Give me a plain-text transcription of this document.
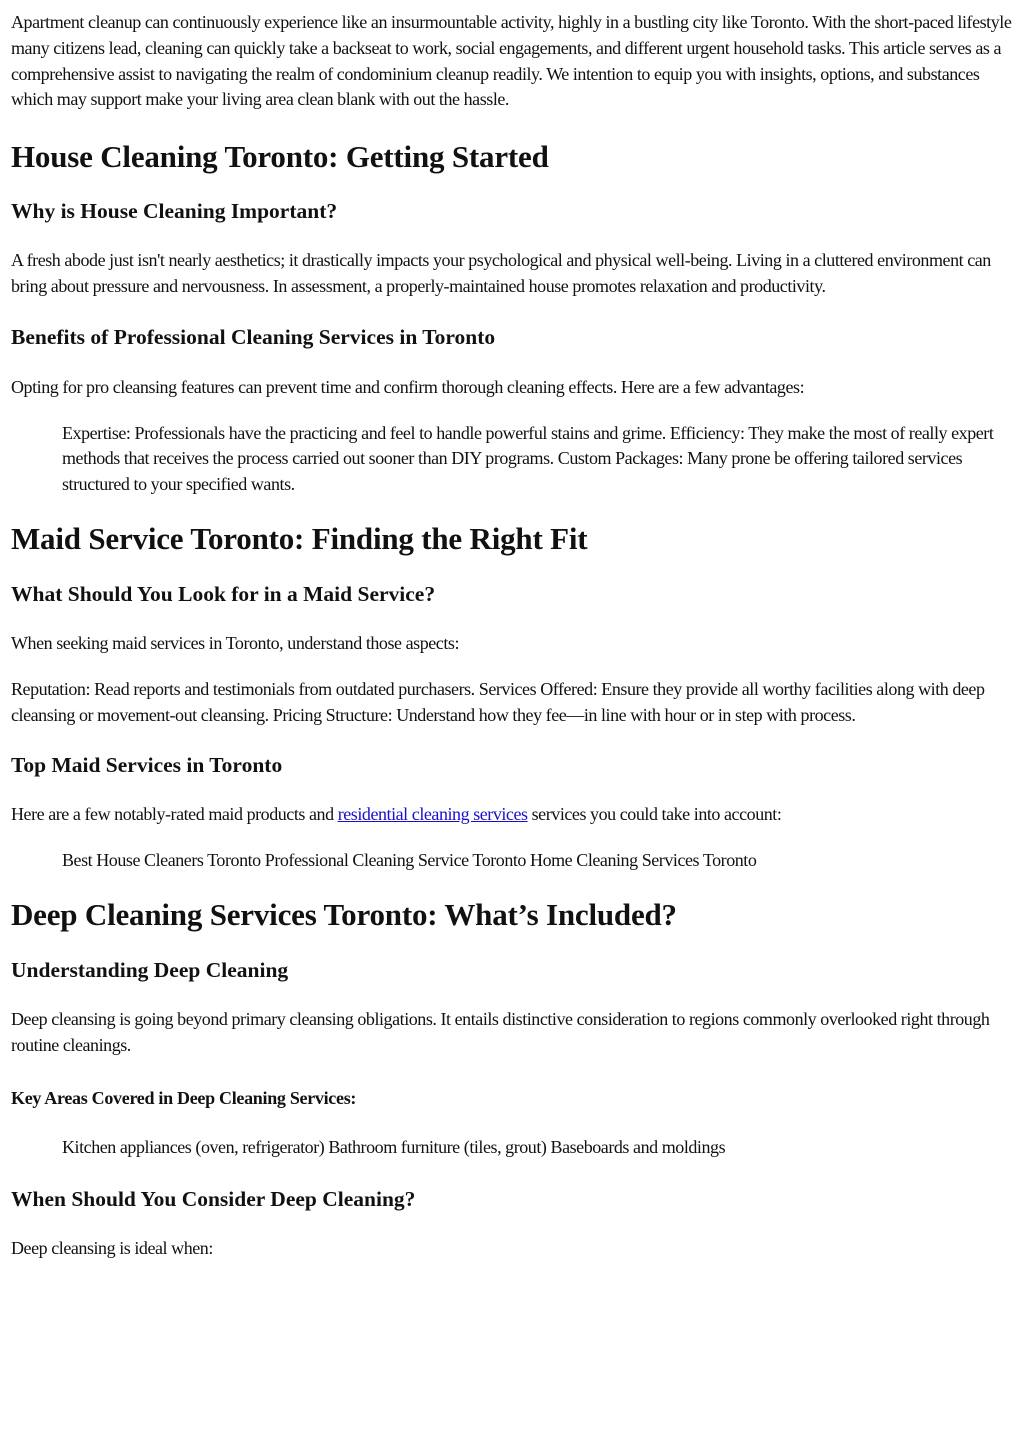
Apartment cleanup can continuously experience like an insurmountable activity, highly in a bustling city like Toronto. With the short-paced lifestyle many citizens lead, cleaning can quickly take a backseat to work, social engagements, and different urgent household tasks. This article serves as a comprehensive assist to navigating the realm of condominium cleanup readily. We intention to equip you with insights, options, and substances which may support make your living area clean blank with out the hassle.

House Cleaning Toronto: Getting Started
Why is House Cleaning Important?

A fresh abode just isn't nearly aesthetics; it drastically impacts your psychological and physical well-being. Living in a cluttered environment can bring about pressure and nervousness. In assessment, a properly-maintained house promotes relaxation and productivity.

Benefits of Professional Cleaning Services in Toronto

Opting for pro cleansing features can prevent time and confirm thorough cleaning effects. Here are a few advantages:

Expertise: Professionals have the practicing and feel to handle powerful stains and grime. Efficiency: They make the most of really expert methods that receives the process carried out sooner than DIY programs. Custom Packages: Many prone be offering tailored services structured to your specified wants.

Maid Service Toronto: Finding the Right Fit
What Should You Look for in a Maid Service?

When seeking maid services in Toronto, understand those aspects:

Reputation: Read reports and testimonials from outdated purchasers. Services Offered: Ensure they provide all worthy facilities along with deep cleansing or movement-out cleansing. Pricing Structure: Understand how they fee—in line with hour or in step with process.

Top Maid Services in Toronto

Here are a few notably-rated maid products and residential cleaning services services you could take into account:

Best House Cleaners Toronto Professional Cleaning Service Toronto Home Cleaning Services Toronto

Deep Cleaning Services Toronto: What’s Included?
Understanding Deep Cleaning

Deep cleansing is going beyond primary cleansing obligations. It entails distinctive consideration to regions commonly overlooked right through routine cleanings.

Key Areas Covered in Deep Cleaning Services:

Kitchen appliances (oven, refrigerator) Bathroom furniture (tiles, grout) Baseboards and moldings

When Should You Consider Deep Cleaning?

Deep cleansing is ideal when:
